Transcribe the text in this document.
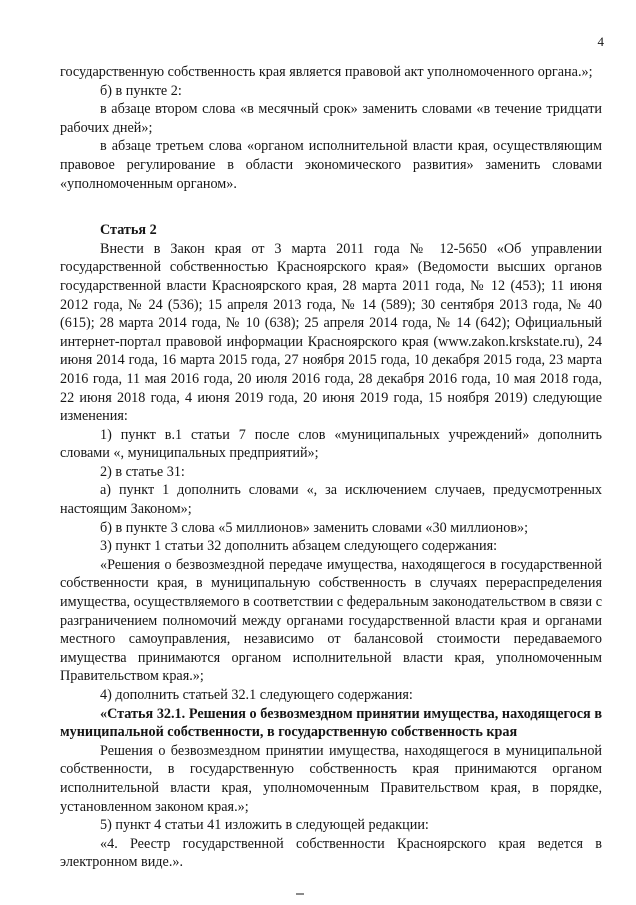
4

государственную собственность края является правовой акт уполномоченного органа.»;

б) в пункте 2:

в абзаце втором слова «в месячный срок» заменить словами «в течение тридцати рабочих дней»;

в абзаце третьем слова «органом исполнительной власти края, осуществляющим правовое регулирование в области экономического развития» заменить словами «уполномоченным органом».

Статья 2

Внести в Закон края от 3 марта 2011 года № 12-5650 «Об управлении государственной собственностью Красноярского края» (Ведомости высших органов государственной власти Красноярского края, 28 марта 2011 года, № 12 (453); 11 июня 2012 года, № 24 (536); 15 апреля 2013 года, № 14 (589); 30 сентября 2013 года, № 40 (615); 28 марта 2014 года, № 10 (638); 25 апреля 2014 года, № 14 (642); Официальный интернет-портал правовой информации Красноярского края (www.zakon.krskstate.ru), 24 июня 2014 года, 16 марта 2015 года, 27 ноября 2015 года, 10 декабря 2015 года, 23 марта 2016 года, 11 мая 2016 года, 20 июля 2016 года, 28 декабря 2016 года, 10 мая 2018 года, 22 июня 2018 года, 4 июня 2019 года, 20 июня 2019 года, 15 ноября 2019) следующие изменения:

1) пункт в.1 статьи 7 после слов «муниципальных учреждений» дополнить словами «, муниципальных предприятий»;

2) в статье 31:

а) пункт 1 дополнить словами «, за исключением случаев, предусмотренных настоящим Законом»;

б) в пункте 3 слова «5 миллионов» заменить словами «30 миллионов»;

3) пункт 1 статьи 32 дополнить абзацем следующего содержания:

«Решения о безвозмездной передаче имущества, находящегося в государственной собственности края, в муниципальную собственность в случаях перераспределения имущества, осуществляемого в соответствии с федеральным законодательством в связи с разграничением полномочий между органами государственной власти края и органами местного самоуправления, независимо от балансовой стоимости передаваемого имущества принимаются органом исполнительной власти края, уполномоченным Правительством края.»;

4) дополнить статьей 32.1 следующего содержания:

«Статья 32.1. Решения о безвозмездном принятии имущества, находящегося в муниципальной собственности, в государственную собственность края

Решения о безвозмездном принятии имущества, находящегося в муниципальной собственности, в государственную собственность края принимаются органом исполнительной власти края, уполномоченным Правительством края, в порядке, установленном законом края.»;

5) пункт 4 статьи 41 изложить в следующей редакции:

«4. Реестр государственной собственности Красноярского края ведется в электронном виде.».
